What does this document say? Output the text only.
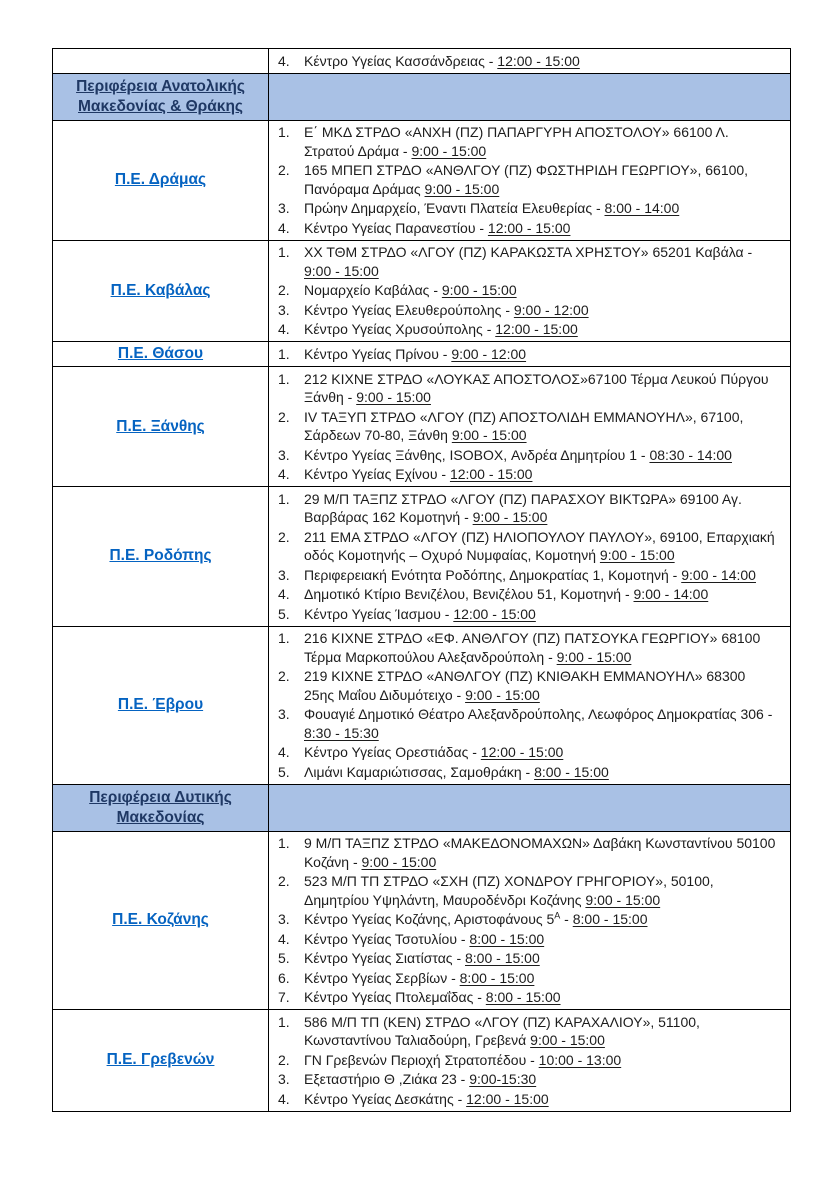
	4. Κέντρο Υγείας Κασσάνδρειας - 12:00 - 15:00

Περιφέρεια Ανατολικής Μακεδονίας & Θράκης	

Π.Ε. Δράμας	
1. Ε΄ ΜΚΔ ΣΤΡΔΟ «ΑΝΧΗ (ΠΖ) ΠΑΠΑΡΓΥΡΗ ΑΠΟΣΤΟΛΟΥ» 66100 Λ. Στρατού Δράμα - 9:00 - 15:00
2. 165 ΜΠΕΠ ΣΤΡΔΟ «ΑΝΘΛΓΟΥ (ΠΖ) ΦΩΣΤΗΡΙΔΗ ΓΕΩΡΓΙΟΥ», 66100, Πανόραμα Δράμας 9:00 - 15:00
3. Πρώην Δημαρχείο, Έναντι Πλατεία Ελευθερίας - 8:00 - 14:00
4. Κέντρο Υγείας Παρανεστίου - 12:00 - 15:00

Π.Ε. Καβάλας	
1. ΧΧ ΤΘΜ ΣΤΡΔΟ «ΛΓΟΥ (ΠΖ) ΚΑΡΑΚΩΣΤΑ ΧΡΗΣΤΟΥ» 65201 Καβάλα - 9:00 - 15:00
2. Νομαρχείο Καβάλας - 9:00 - 15:00
3. Κέντρο Υγείας Ελευθερούπολης - 9:00 - 12:00
4. Κέντρο Υγείας Χρυσούπολης - 12:00 - 15:00

Π.Ε. Θάσου	1. Κέντρο Υγείας Πρίνου - 9:00 - 12:00

Π.Ε. Ξάνθης	
1. 212 ΚΙΧΝΕ ΣΤΡΔΟ «ΛΟΥΚΑΣ ΑΠΟΣΤΟΛΟΣ»67100 Τέρμα Λευκού Πύργου Ξάνθη - 9:00 - 15:00
2. IV ΤΑΞΥΠ ΣΤΡΔΟ «ΛΓΟΥ (ΠΖ) ΑΠΟΣΤΟΛΙΔΗ ΕΜΜΑΝΟΥΗΛ», 67100, Σάρδεων 70-80, Ξάνθη 9:00 - 15:00
3. Κέντρο Υγείας Ξάνθης, ISOBOX, Ανδρέα Δημητρίου 1 - 08:30 - 14:00
4. Κέντρο Υγείας Εχίνου - 12:00 - 15:00

Π.Ε. Ροδόπης	
1. 29 Μ/Π ΤΑΞΠΖ ΣΤΡΔΟ «ΛΓΟΥ (ΠΖ) ΠΑΡΑΣΧΟΥ ΒΙΚΤΩΡΑ» 69100 Αγ. Βαρβάρας 162 Κομοτηνή - 9:00 - 15:00
2. 211 ΕΜΑ ΣΤΡΔΟ «ΛΓΟΥ (ΠΖ) ΗΛΙΟΠΟΥΛΟΥ ΠΑΥΛΟΥ», 69100, Επαρχιακή οδός Κομοτηνής – Οχυρό Νυμφαίας, Κομοτηνή 9:00 - 15:00
3. Περιφερειακή Ενότητα Ροδόπης, Δημοκρατίας 1, Κομοτηνή - 9:00 - 14:00
4. Δημοτικό Κτίριο Βενιζέλου, Βενιζέλου 51, Κομοτηνή - 9:00 - 14:00
5. Κέντρο Υγείας Ίασμου - 12:00 - 15:00

Π.Ε. Έβρου	
1. 216 ΚΙΧΝΕ ΣΤΡΔΟ «ΕΦ. ΑΝΘΛΓΟΥ (ΠΖ) ΠΑΤΣΟΥΚΑ ΓΕΩΡΓΙΟΥ» 68100 Τέρμα Μαρκοπούλου Αλεξανδρούπολη - 9:00 - 15:00
2. 219 ΚΙΧΝΕ ΣΤΡΔΟ «ΑΝΘΛΓΟΥ (ΠΖ) ΚΝΙΘΑΚΗ ΕΜΜΑΝΟΥΗΛ» 68300 25ης Μαΐου Διδυμότειχο - 9:00 - 15:00
3. Φουαγιέ Δημοτικό Θέατρο Αλεξανδρούπολης, Λεωφόρος Δημοκρατίας 306 - 8:30 - 15:30
4. Κέντρο Υγείας Ορεστιάδας - 12:00 - 15:00
5. Λιμάνι Καμαριώτισσας, Σαμοθράκη - 8:00 - 15:00

Περιφέρεια Δυτικής Μακεδονίας	

Π.Ε. Κοζάνης	
1. 9 Μ/Π ΤΑΞΠΖ ΣΤΡΔΟ «ΜΑΚΕΔΟΝΟΜΑΧΩΝ» Δαβάκη Κωνσταντίνου 50100 Κοζάνη - 9:00 - 15:00
2. 523 Μ/Π ΤΠ ΣΤΡΔΟ «ΣΧΗ (ΠΖ) ΧΟΝΔΡΟΥ ΓΡΗΓΟΡΙΟΥ», 50100, Δημητρίου Υψηλάντη, Μαυροδένδρι Κοζάνης 9:00 - 15:00
3. Κέντρο Υγείας Κοζάνης, Αριστοφάνους $5^A$ - 8:00 - 15:00
4. Κέντρο Υγείας Τσοτυλίου - 8:00 - 15:00
5. Κέντρο Υγείας Σιατίστας - 8:00 - 15:00
6. Κέντρο Υγείας Σερβίων - 8:00 - 15:00
7. Κέντρο Υγείας Πτολεμαΐδας - 8:00 - 15:00

Π.Ε. Γρεβενών	
1. 586 Μ/Π ΤΠ (ΚΕΝ) ΣΤΡΔΟ «ΛΓΟΥ (ΠΖ) ΚΑΡΑΧΑΛΙΟΥ», 51100, Κωνσταντίνου Ταλιαδούρη, Γρεβενά 9:00 - 15:00
2. ΓΝ Γρεβενών Περιοχή Στρατοπέδου - 10:00 - 13:00
3. Εξεταστήριο Θ ,Ζιάκα 23 - 9:00-15:30
4. Κέντρο Υγείας Δεσκάτης - 12:00 - 15:00
